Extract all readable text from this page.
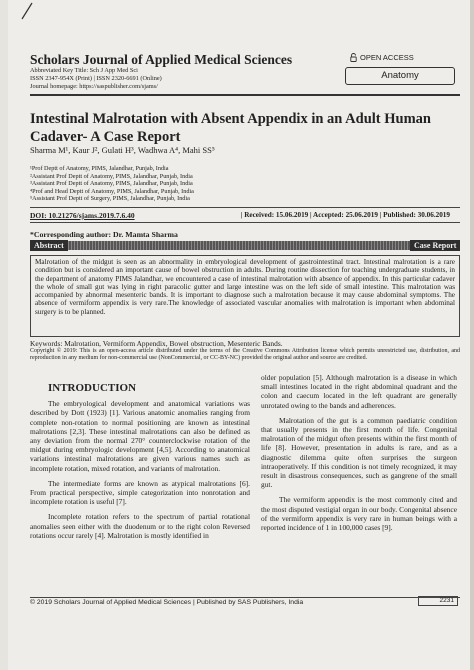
Scholars Journal of Applied Medical Sciences
Abbreviated Key Title: Sch J App Med Sci
ISSN 2347-954X (Print) | ISSN 2320-6691 (Online)
Journal homepage: https://saspublisher.com/sjams/
OPEN ACCESS
Anatomy
Intestinal Malrotation with Absent Appendix in an Adult Human Cadaver- A Case Report
Sharma M¹, Kaur J², Gulati H³, Wadhwa A⁴, Mahi SS⁵
¹Prof Deptt of Anatomy, PIMS, Jalandhar, Punjab, India
²Assistant Prof Deptt of Anatomy, PIMS, Jalandhar, Punjab, India
³Assistant Prof Deptt of Anatomy, PIMS, Jalandhar, Punjab, India
⁴Prof and Head Deptt of Anatomy, PIMS, Jalandhar, Punjab, India
⁵Assistant Prof Deptt of Surgery, PIMS, Jalandhar, Punjab, India
DOI: 10.21276/sjams.2019.7.6.40	| Received: 15.06.2019 | Accepted: 25.06.2019 | Published: 30.06.2019
*Corresponding author: Dr. Mamta Sharma
Abstract	Case Report
Malrotation of the midgut is seen as an abnormality in embryological development of gastrointestinal tract. Intestinal malrotation is a rare condition but is considered an important cause of bowel obstruction in adults. During routine dissection for teaching undergraduate students, in the department of anatomy PIMS Jalandhar, we encountered a case of intestinal malrotation with absence of appendix. In this particular cadaver the whole of small gut was lying in right paracolic gutter and large intestine was on the left side of small intestine. This malrotation was accompanied by abnormal mesenteric bands. It is important to diagnose such a malrotation because it may cause abdominal symptoms. The absence of vermiform appendix is very rare.The knowledge of associated vascular anomalies with malrotation is important when abdominal surgery is to be planned.
Keywords: Malrotation, Vermiform Appendix, Bowel obstruction, Mesenteric Bands.
Copyright © 2019: This is an open-access article distributed under the terms of the Creative Commons Attribution license which permits unrestricted use, distribution, and reproduction in any medium for non-commercial use (NonCommercial, or CC-BY-NC) provided the original author and source are credited.

INTRODUCTION

The embryological development and anatomical variations was described by Dott (1923) [1]. Various anatomic anomalies ranging from complete non-rotation to normal positioning are known as intestinal malrotations [2,3]. These intestinal malrotations can also be defined as any deviation from the normal 270° counterclockwise rotation of the midgut during embryologic development [4,5]. According to anatomical variations intestinal malrotations are given various names such as incomplete rotation, mixed rotation, and variants of malrotation.

The intermediate forms are known as atypical malrotations [6]. From practical perspective, simple categorization into nonrotation and incomplete rotation is useful [7].

Incomplete rotation refers to the spectrum of partial rotational anomalies seen either with the duodenum or to the right colon Reversed rotations occur rarely [4]. Malrotation is mostly identified in

older population [5]. Although malrotation is a disease in which small intestines located in the right abdominal quadrant and the colon and caecum located in the left quadrant are generally unrotated owing to the bands and adherences.

Malrotation of the gut is a common paediatric condition that usually presents in the first month of life. Congenital malrotation of the midgut often presents within the first month of life [8]. However, presentation in adults is rare, and as a diagnostic dilemma quite often surprises the surgeon intraoperatively. If this condition is not timely recognized, it may result in disastrous consequences, such as gangrene of the small gut.

The vermiform appendix is the most commonly cited and the most disputed vestigial organ in our body. Congenital absence of the vermiform appendix is very rare in human beings with a reported incidence of 1 in 100,000 cases [9].

© 2019 Scholars Journal of Applied Medical Sciences | Published by SAS Publishers, India	2231
